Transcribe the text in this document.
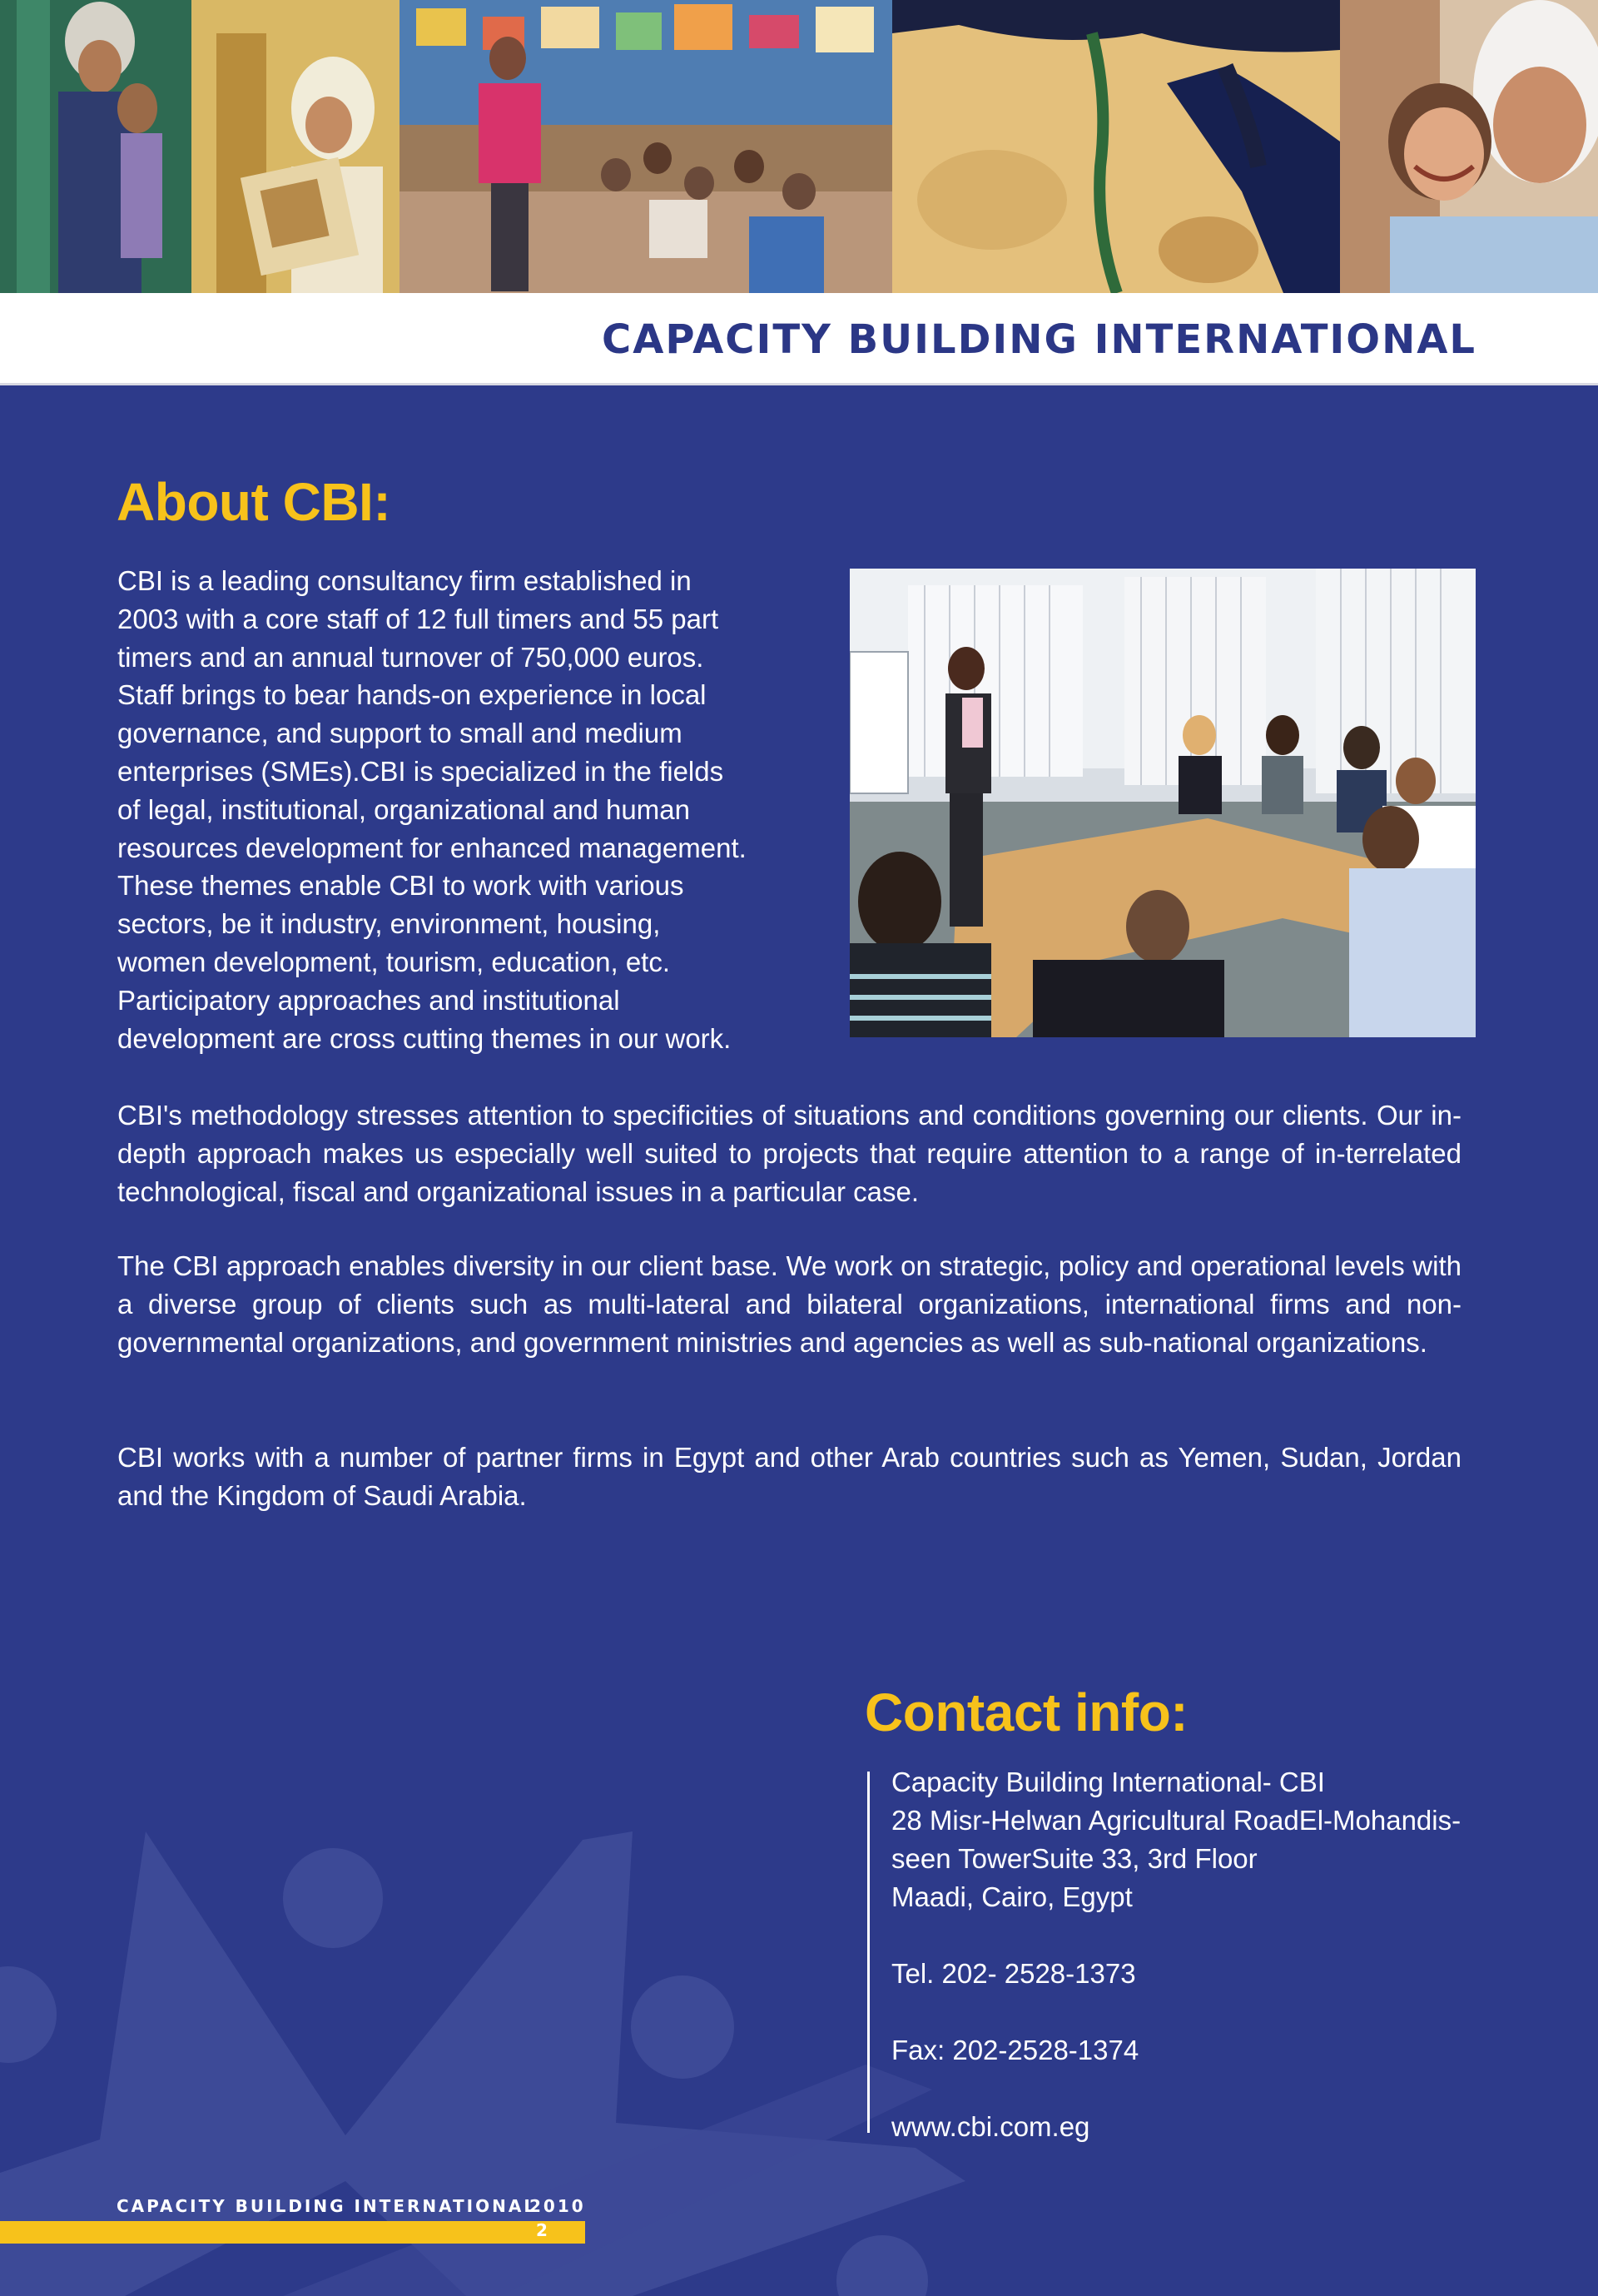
CAPACITY BUILDING INTERNATIONAL
About CBI:
CBI is a leading consultancy firm established in
2003 with a core staff of 12 full timers and 55 part
timers and an annual turnover of 750,000 euros.
Staff brings to bear hands-on experience in local
governance, and support to small and medium
enterprises (SMEs).CBI is specialized in the fields
of legal, institutional, organizational and human
resources development for enhanced management.
These themes enable CBI to work with various
sectors, be it industry, environment, housing,
women development, tourism, education, etc.
Participatory approaches and institutional
development are cross cutting themes in our work.

CBI's methodology stresses attention to specificities of situations and conditions governing our clients. Our in-depth approach makes us especially well suited to projects that require attention to a range of in-terrelated technological, fiscal and organizational issues in a particular case.

The CBI approach enables diversity in our client base. We work on strategic, policy and operational levels with a diverse group of clients such as multi-lateral and bilateral organizations, international firms and non-governmental organizations, and government ministries and agencies as well as sub-national organizations.

CBI works with a number of partner firms in Egypt and other Arab countries such as Yemen, Sudan, Jordan and the Kingdom of Saudi Arabia.

Contact info:
Capacity Building International- CBI
28 Misr-Helwan Agricultural RoadEl-Mohandis-
seen TowerSuite 33, 3rd Floor
Maadi, Cairo, Egypt
Tel. 202- 2528-1373
Fax: 202-2528-1374
www.cbi.com.eg
CAPACITY BUILDING INTERNATIONAL
2010
2
